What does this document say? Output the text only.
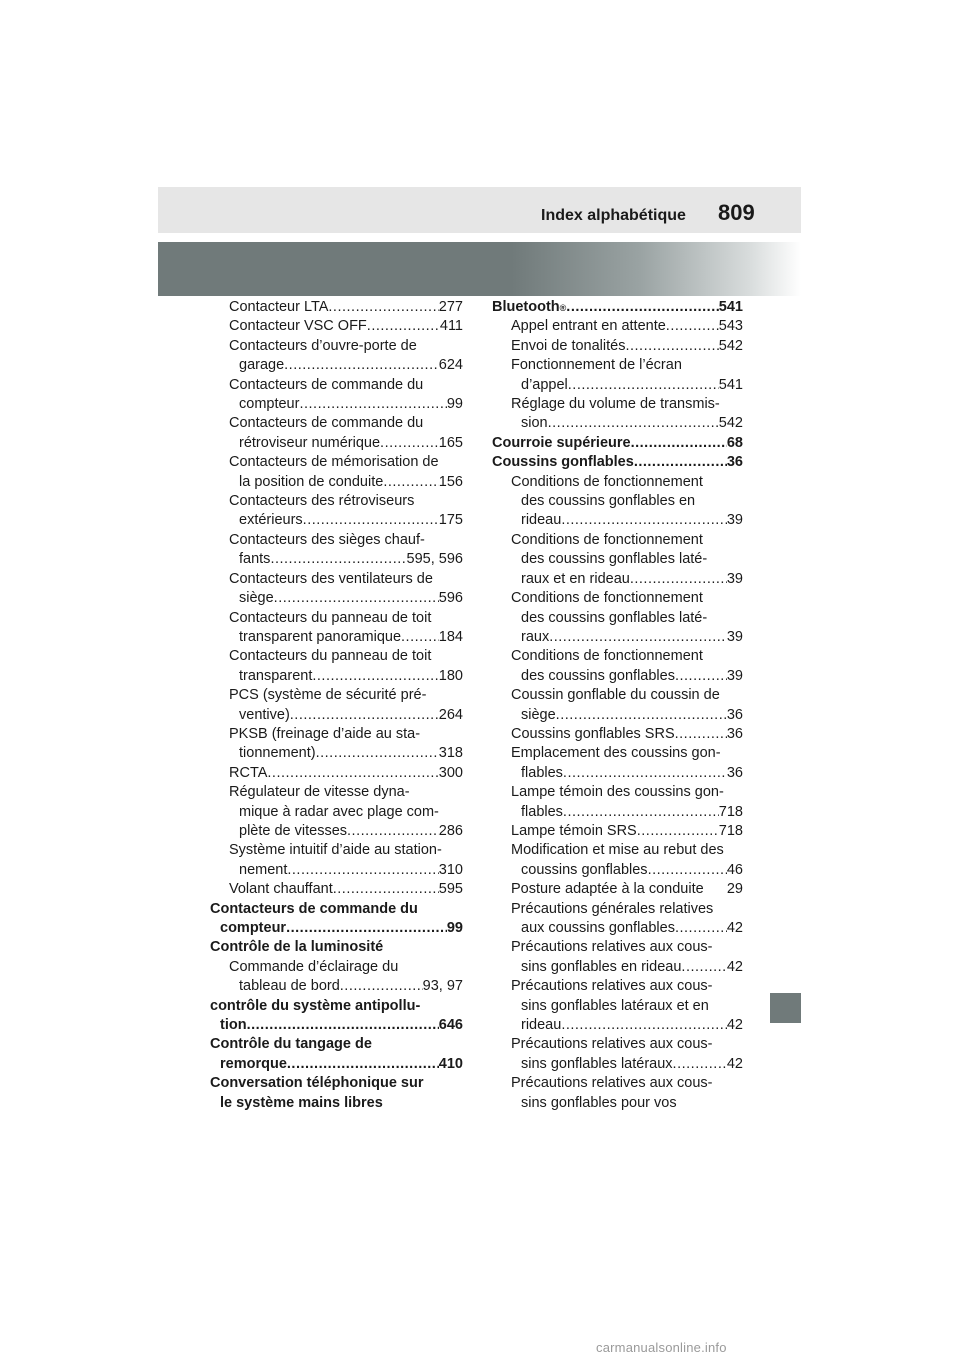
Index alphabétique 809
Contacteur LTA .....	277
Contacteur VSC OFF .....	411
Contacteurs d’ouvre-porte de
garage .....	624
Contacteurs de commande du
compteur .....	99
Contacteurs de commande du
rétroviseur numérique .....	165
Contacteurs de mémorisation de
la position de conduite .....	156
Contacteurs des rétroviseurs
extérieurs .....	175
Contacteurs des sièges chauf-
fants .....	595, 596
Contacteurs des ventilateurs de
siège .....	596
Contacteurs du panneau de toit
transparent panoramique .....	184
Contacteurs du panneau de toit
transparent .....	180
PCS (système de sécurité pré-
ventive) .....	264
PKSB (freinage d’aide au sta-
tionnement) .....	318
RCTA .....	300
Régulateur de vitesse dyna-
mique à radar avec plage com-
plète de vitesses .....	286
Système intuitif d’aide au station-
nement .....	310
Volant chauffant .....	595
Contacteurs de commande du
compteur .....	99
Contrôle de la luminosité
Commande d’éclairage du
tableau de bord .....	93, 97
contrôle du système antipollu-
tion .....	646
Contrôle du tangage de
remorque .....	410
Conversation téléphonique sur
le système mains libres
Bluetooth ® .....	541
Appel entrant en attente .....	543
Envoi de tonalités .....	542
Fonctionnement de l’écran
d’appel .....	541
Réglage du volume de transmis-
sion .....	542
Courroie supérieure .....	68
Coussins gonflables .....	36
Conditions de fonctionnement
des coussins gonflables en
rideau .....	39
Conditions de fonctionnement
des coussins gonflables laté-
raux et en rideau .....	39
Conditions de fonctionnement
des coussins gonflables laté-
raux .....	39
Conditions de fonctionnement
des coussins gonflables .....	39
Coussin gonflable du coussin de
siège .....	36
Coussins gonflables SRS .....	36
Emplacement des coussins gon-
flables .....	36
Lampe témoin des coussins gon-
flables .....	718
Lampe témoin SRS .....	718
Modification et mise au rebut des
coussins gonflables .....	46
Posture adaptée à la conduite 29
Précautions générales relatives
aux coussins gonflables .....	42
Précautions relatives aux cous-
sins gonflables en rideau .....	42
Précautions relatives aux cous-
sins gonflables latéraux et en
rideau .....	42
Précautions relatives aux cous-
sins gonflables latéraux .....	42
Précautions relatives aux cous-
sins gonflables pour vos
carmanualsonline.info
